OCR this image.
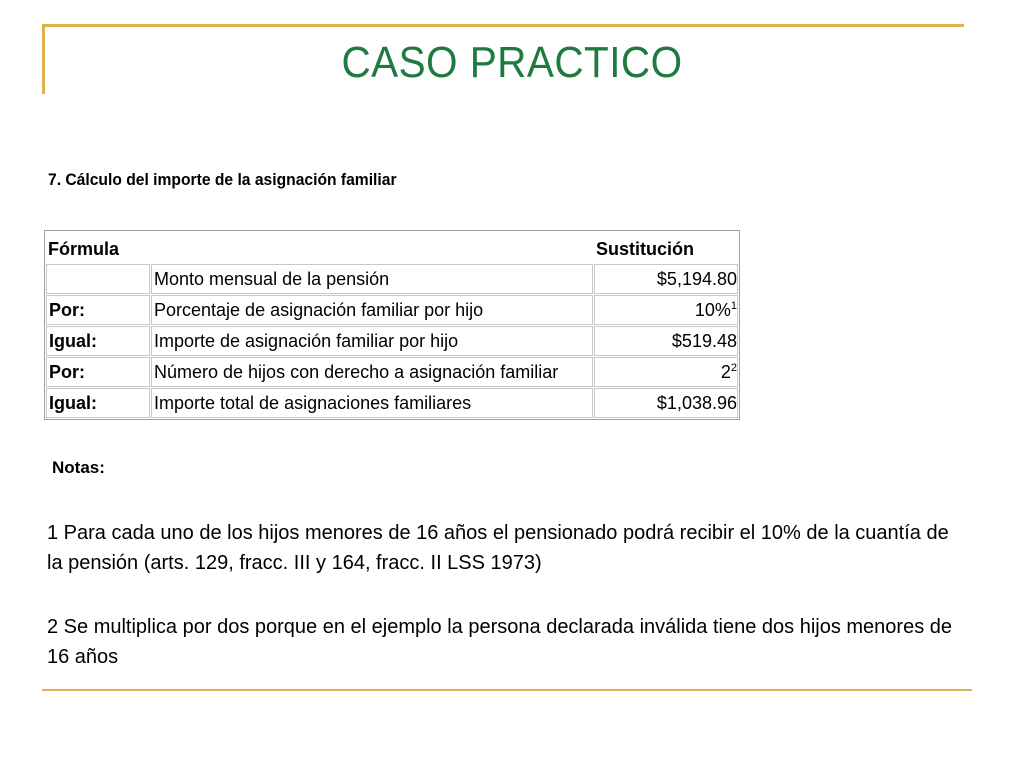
CASO PRACTICO
7. Cálculo del importe de la asignación familiar
Fórmula		Sustitución
	Monto mensual de la pensión	$5,194.80
Por:	Porcentaje de asignación familiar por hijo	10%$^1$
Igual:	Importe de asignación familiar por hijo	$519.48
Por:	Número de hijos con derecho a asignación familiar	$2^2$
Igual:	Importe total de asignaciones familiares	$1,038.96
Notas:
1 Para cada uno de los hijos menores de 16 años el pensionado podrá recibir el 10% de la cuantía de la pensión (arts. 129, fracc. III y 164, fracc. II LSS 1973)
2 Se multiplica por dos porque en el ejemplo la persona declarada inválida tiene dos hijos menores de 16 años
